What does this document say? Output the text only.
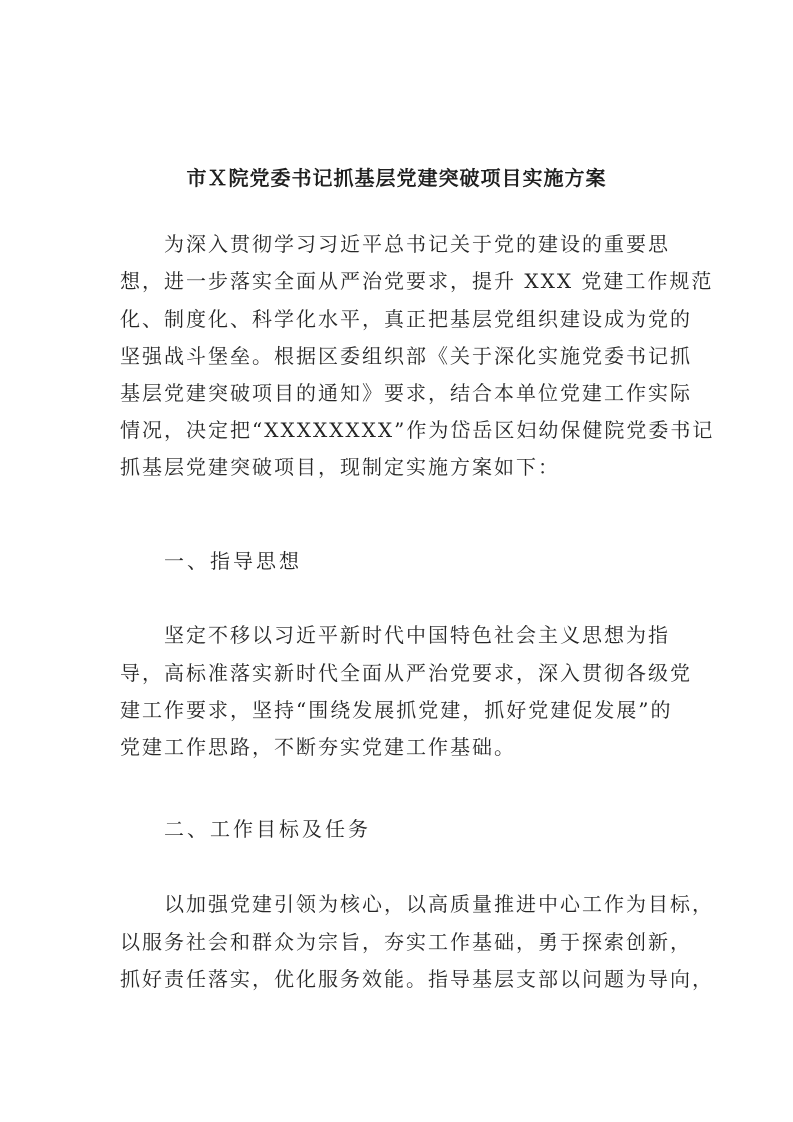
市Ｘ院党委书记抓基层党建突破项目实施方案
为深入贯彻学习习近平总书记关于党的建设的重要思
想，进一步落实全面从严治党要求，提升 XXX 党建工作规范
化、制度化、科学化水平，真正把基层党组织建设成为党的
坚强战斗堡垒。根据区委组织部《关于深化实施党委书记抓
基层党建突破项目的通知》要求，结合本单位党建工作实际
情况，决定把“XXXXXXXX”作为岱岳区妇幼保健院党委书记
抓基层党建突破项目，现制定实施方案如下：
一、指导思想
坚定不移以习近平新时代中国特色社会主义思想为指
导，高标准落实新时代全面从严治党要求，深入贯彻各级党
建工作要求，坚持“围绕发展抓党建，抓好党建促发展”的
党建工作思路，不断夯实党建工作基础。
二、工作目标及任务
以加强党建引领为核心，以高质量推进中心工作为目标，
以服务社会和群众为宗旨，夯实工作基础，勇于探索创新，
抓好责任落实，优化服务效能。指导基层支部以问题为导向，
